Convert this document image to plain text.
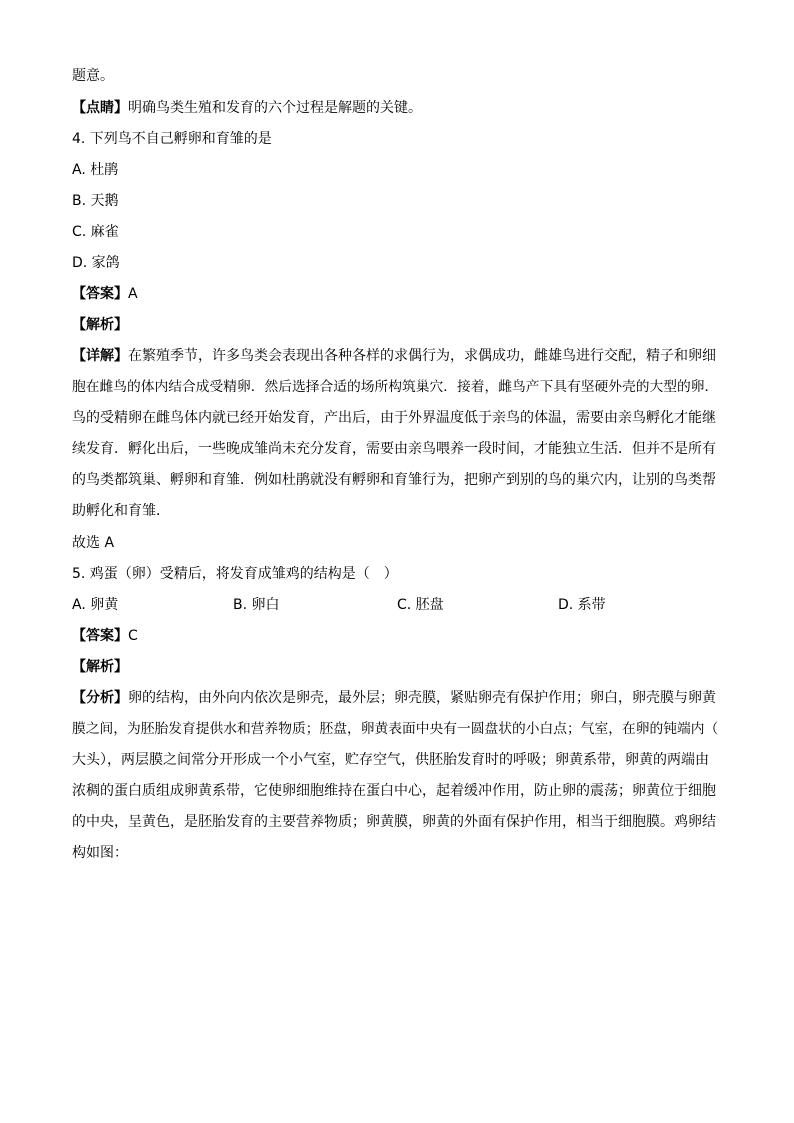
题意。
【点睛】明确鸟类生殖和发育的六个过程是解题的关键。
4. 下列鸟不自己孵卵和育雏的是
A. 杜鹃
B. 天鹅
C. 麻雀
D. 家鸽
【答案】A
【解析】
【详解】在繁殖季节，许多鸟类会表现出各种各样的求偶行为，求偶成功，雌雄鸟进行交配，精子和卵细
胞在雌鸟的体内结合成受精卵．然后选择合适的场所构筑巢穴．接着，雌鸟产下具有坚硬外壳的大型的卵．
鸟的受精卵在雌鸟体内就已经开始发育，产出后，由于外界温度低于亲鸟的体温，需要由亲鸟孵化才能继
续发育．孵化出后，一些晚成雏尚未充分发育，需要由亲鸟喂养一段时间，才能独立生活．但并不是所有
的鸟类都筑巢、孵卵和育雏．例如杜鹃就没有孵卵和育雏行为，把卵产到别的鸟的巢穴内，让别的鸟类帮
助孵化和育雏．
故选 A
5. 鸡蛋（卵）受精后，将发育成雏鸡的结构是（　）
A. 卵黄	B. 卵白	C. 胚盘	D. 系带
【答案】C
【解析】
【分析】卵的结构，由外向内依次是卵壳，最外层；卵壳膜，紧贴卵壳有保护作用；卵白，卵壳膜与卵黄
膜之间，为胚胎发育提供水和营养物质；胚盘，卵黄表面中央有一圆盘状的小白点；气室，在卵的钝端内（
大头），两层膜之间常分开形成一个小气室，贮存空气，供胚胎发育时的呼吸；卵黄系带，卵黄的两端由
浓稠的蛋白质组成卵黄系带，它使卵细胞维持在蛋白中心，起着缓冲作用，防止卵的震荡；卵黄位于细胞
的中央，呈黄色，是胚胎发育的主要营养物质；卵黄膜，卵黄的外面有保护作用，相当于细胞膜。鸡卵结
构如图：
